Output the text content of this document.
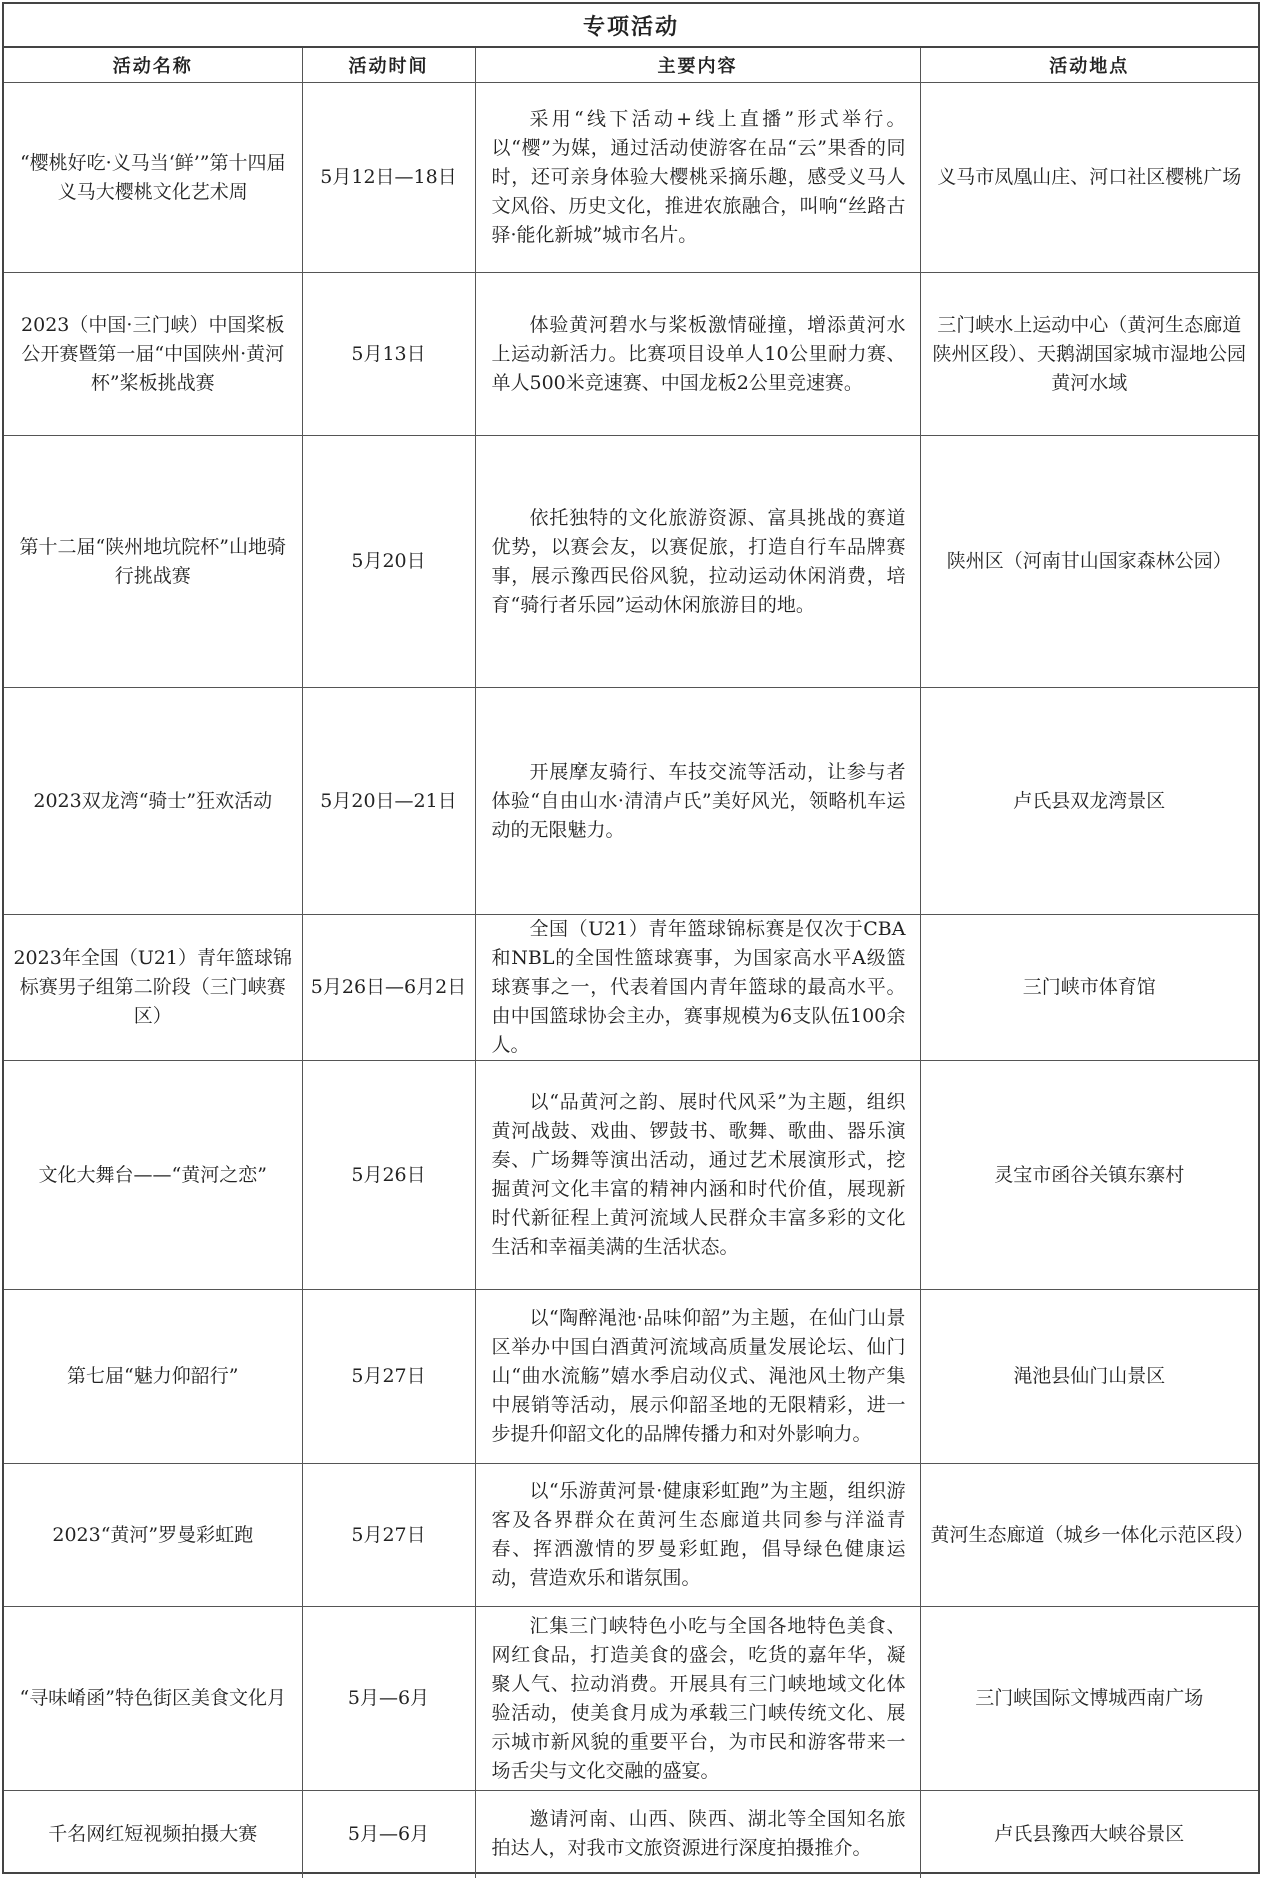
专项活动
活动名称	活动时间	主要内容	活动地点
“樱桃好吃·义马当‘鲜’”第十四届义马大樱桃文化艺术周	5月12日—18日	采用“线下活动+线上直播”形式举行。以“樱”为媒，通过活动使游客在品“云”果香的同时，还可亲身体验大樱桃采摘乐趣，感受义马人文风俗、历史文化，推进农旅融合，叫响“丝路古驿·能化新城”城市名片。	义马市凤凰山庄、河口社区樱桃广场
2023（中国·三门峡）中国桨板公开赛暨第一届“中国陕州·黄河杯”桨板挑战赛	5月13日	体验黄河碧水与桨板激情碰撞，增添黄河水上运动新活力。比赛项目设单人10公里耐力赛、单人500米竞速赛、中国龙板2公里竞速赛。	三门峡水上运动中心（黄河生态廊道陕州区段）、天鹅湖国家城市湿地公园黄河水域
第十二届“陕州地坑院杯”山地骑行挑战赛	5月20日	依托独特的文化旅游资源、富具挑战的赛道优势，以赛会友，以赛促旅，打造自行车品牌赛事，展示豫西民俗风貌，拉动运动休闲消费，培育“骑行者乐园”运动休闲旅游目的地。	陕州区（河南甘山国家森林公园）
2023双龙湾“骑士”狂欢活动	5月20日—21日	开展摩友骑行、车技交流等活动，让参与者体验“自由山水·清清卢氏”美好风光，领略机车运动的无限魅力。	卢氏县双龙湾景区
2023年全国（U21）青年篮球锦标赛男子组第二阶段（三门峡赛区）	5月26日—6月2日	全国（U21）青年篮球锦标赛是仅次于CBA和NBL的全国性篮球赛事，为国家高水平A级篮球赛事之一，代表着国内青年篮球的最高水平。由中国篮球协会主办，赛事规模为6支队伍100余人。	三门峡市体育馆
文化大舞台——“黄河之恋”	5月26日	以“品黄河之韵、展时代风采”为主题，组织黄河战鼓、戏曲、锣鼓书、歌舞、歌曲、器乐演奏、广场舞等演出活动，通过艺术展演形式，挖掘黄河文化丰富的精神内涵和时代价值，展现新时代新征程上黄河流域人民群众丰富多彩的文化生活和幸福美满的生活状态。	灵宝市函谷关镇东寨村
第七届“魅力仰韶行”	5月27日	以“陶醉渑池·品味仰韶”为主题，在仙门山景区举办中国白酒黄河流域高质量发展论坛、仙门山“曲水流觞”嬉水季启动仪式、渑池风土物产集中展销等活动，展示仰韶圣地的无限精彩，进一步提升仰韶文化的品牌传播力和对外影响力。	渑池县仙门山景区
2023“黄河”罗曼彩虹跑	5月27日	以“乐游黄河景·健康彩虹跑”为主题，组织游客及各界群众在黄河生态廊道共同参与洋溢青春、挥洒激情的罗曼彩虹跑，倡导绿色健康运动，营造欢乐和谐氛围。	黄河生态廊道（城乡一体化示范区段）
“寻味崤函”特色街区美食文化月	5月—6月	汇集三门峡特色小吃与全国各地特色美食、网红食品，打造美食的盛会，吃货的嘉年华，凝聚人气、拉动消费。开展具有三门峡地域文化体验活动，使美食月成为承载三门峡传统文化、展示城市新风貌的重要平台，为市民和游客带来一场舌尖与文化交融的盛宴。	三门峡国际文博城西南广场
千名网红短视频拍摄大赛	5月—6月	邀请河南、山西、陕西、湖北等全国知名旅拍达人，对我市文旅资源进行深度拍摄推介。	卢氏县豫西大峡谷景区
